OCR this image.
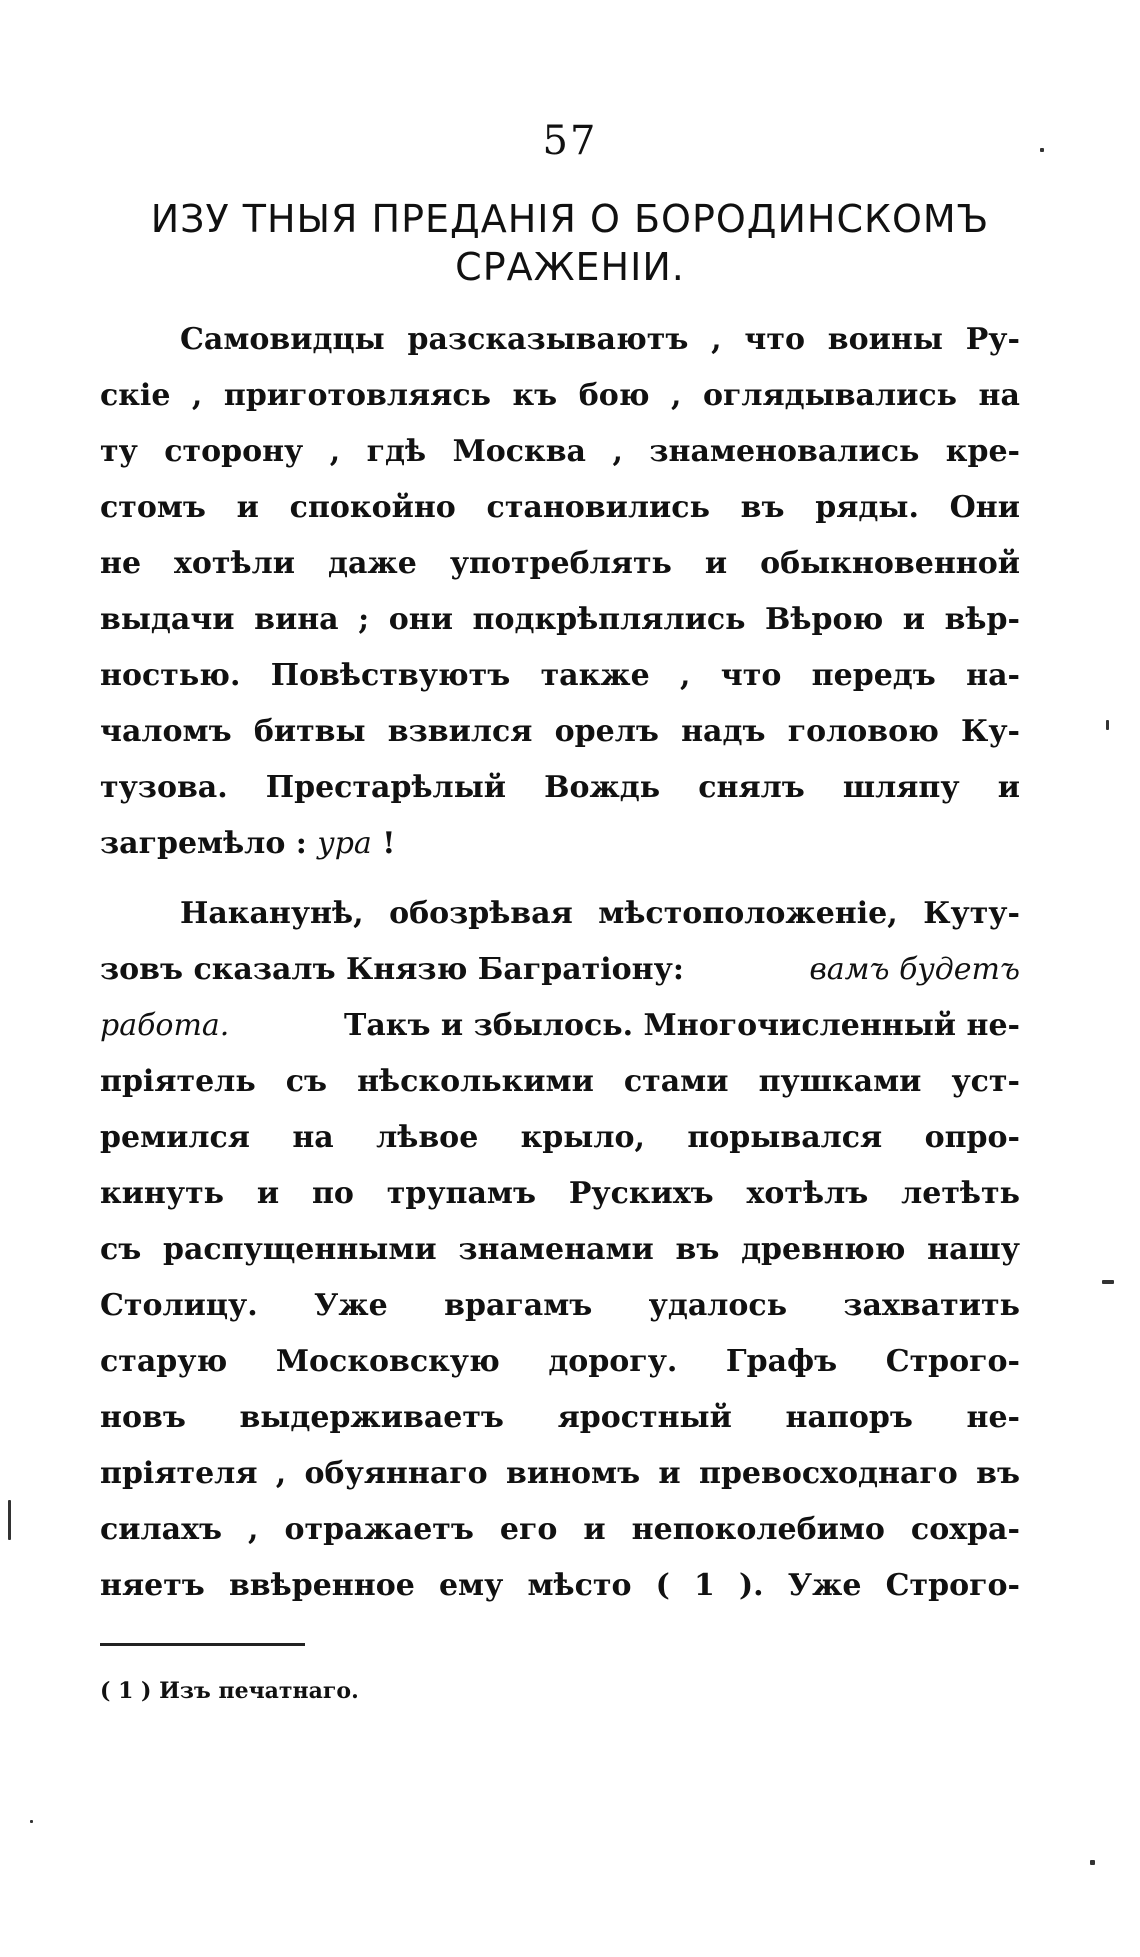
57
ИЗУ ТНЫЯ ПРЕДАНІЯ О БОРОДИНСКОМЪ
СРАЖЕНІИ.
Самовидцы разсказываютъ , что воины Ру-
скіе , приготовляясь къ бою , оглядывались на
ту сторону , гдѣ Москва , знаменовались кре-
стомъ и спокойно становились въ ряды. Они
не хотѣли даже употреблять и обыкновенной
выдачи вина ; они подкрѣплялись Вѣрою и вѣр-
ностью. Повѣствуютъ также , что передъ на-
чаломъ битвы взвился орелъ надъ головою Ку-
тузова. Престарѣлый Вождь снялъ шляпу и
загремѣло :
ура
!
Наканунѣ, обозрѣвая мѣстоположеніе, Куту-
зовъ сказалъ Князю Багратіону:	вамъ будетъ
работа.	Такъ и збылось. Многочисленный не-
пріятель съ нѣсколькими стами пушками уст-
ремился на лѣвое крыло, порывался опро-
кинуть и по трупамъ Рускихъ хотѣлъ летѣть
съ распущенными знаменами въ древнюю нашу
Столицу. Уже врагамъ удалось захватить
старую Московскую дорогу. Графъ Строго-
новъ выдерживаетъ яростный напоръ не-
пріятеля , обуяннаго виномъ и превосходнаго въ
силахъ , отражаетъ его и непоколебимо сохра-
няетъ ввѣренное ему мѣсто ( 1 ). Уже Строго-
( 1 ) Изъ печатнаго.
